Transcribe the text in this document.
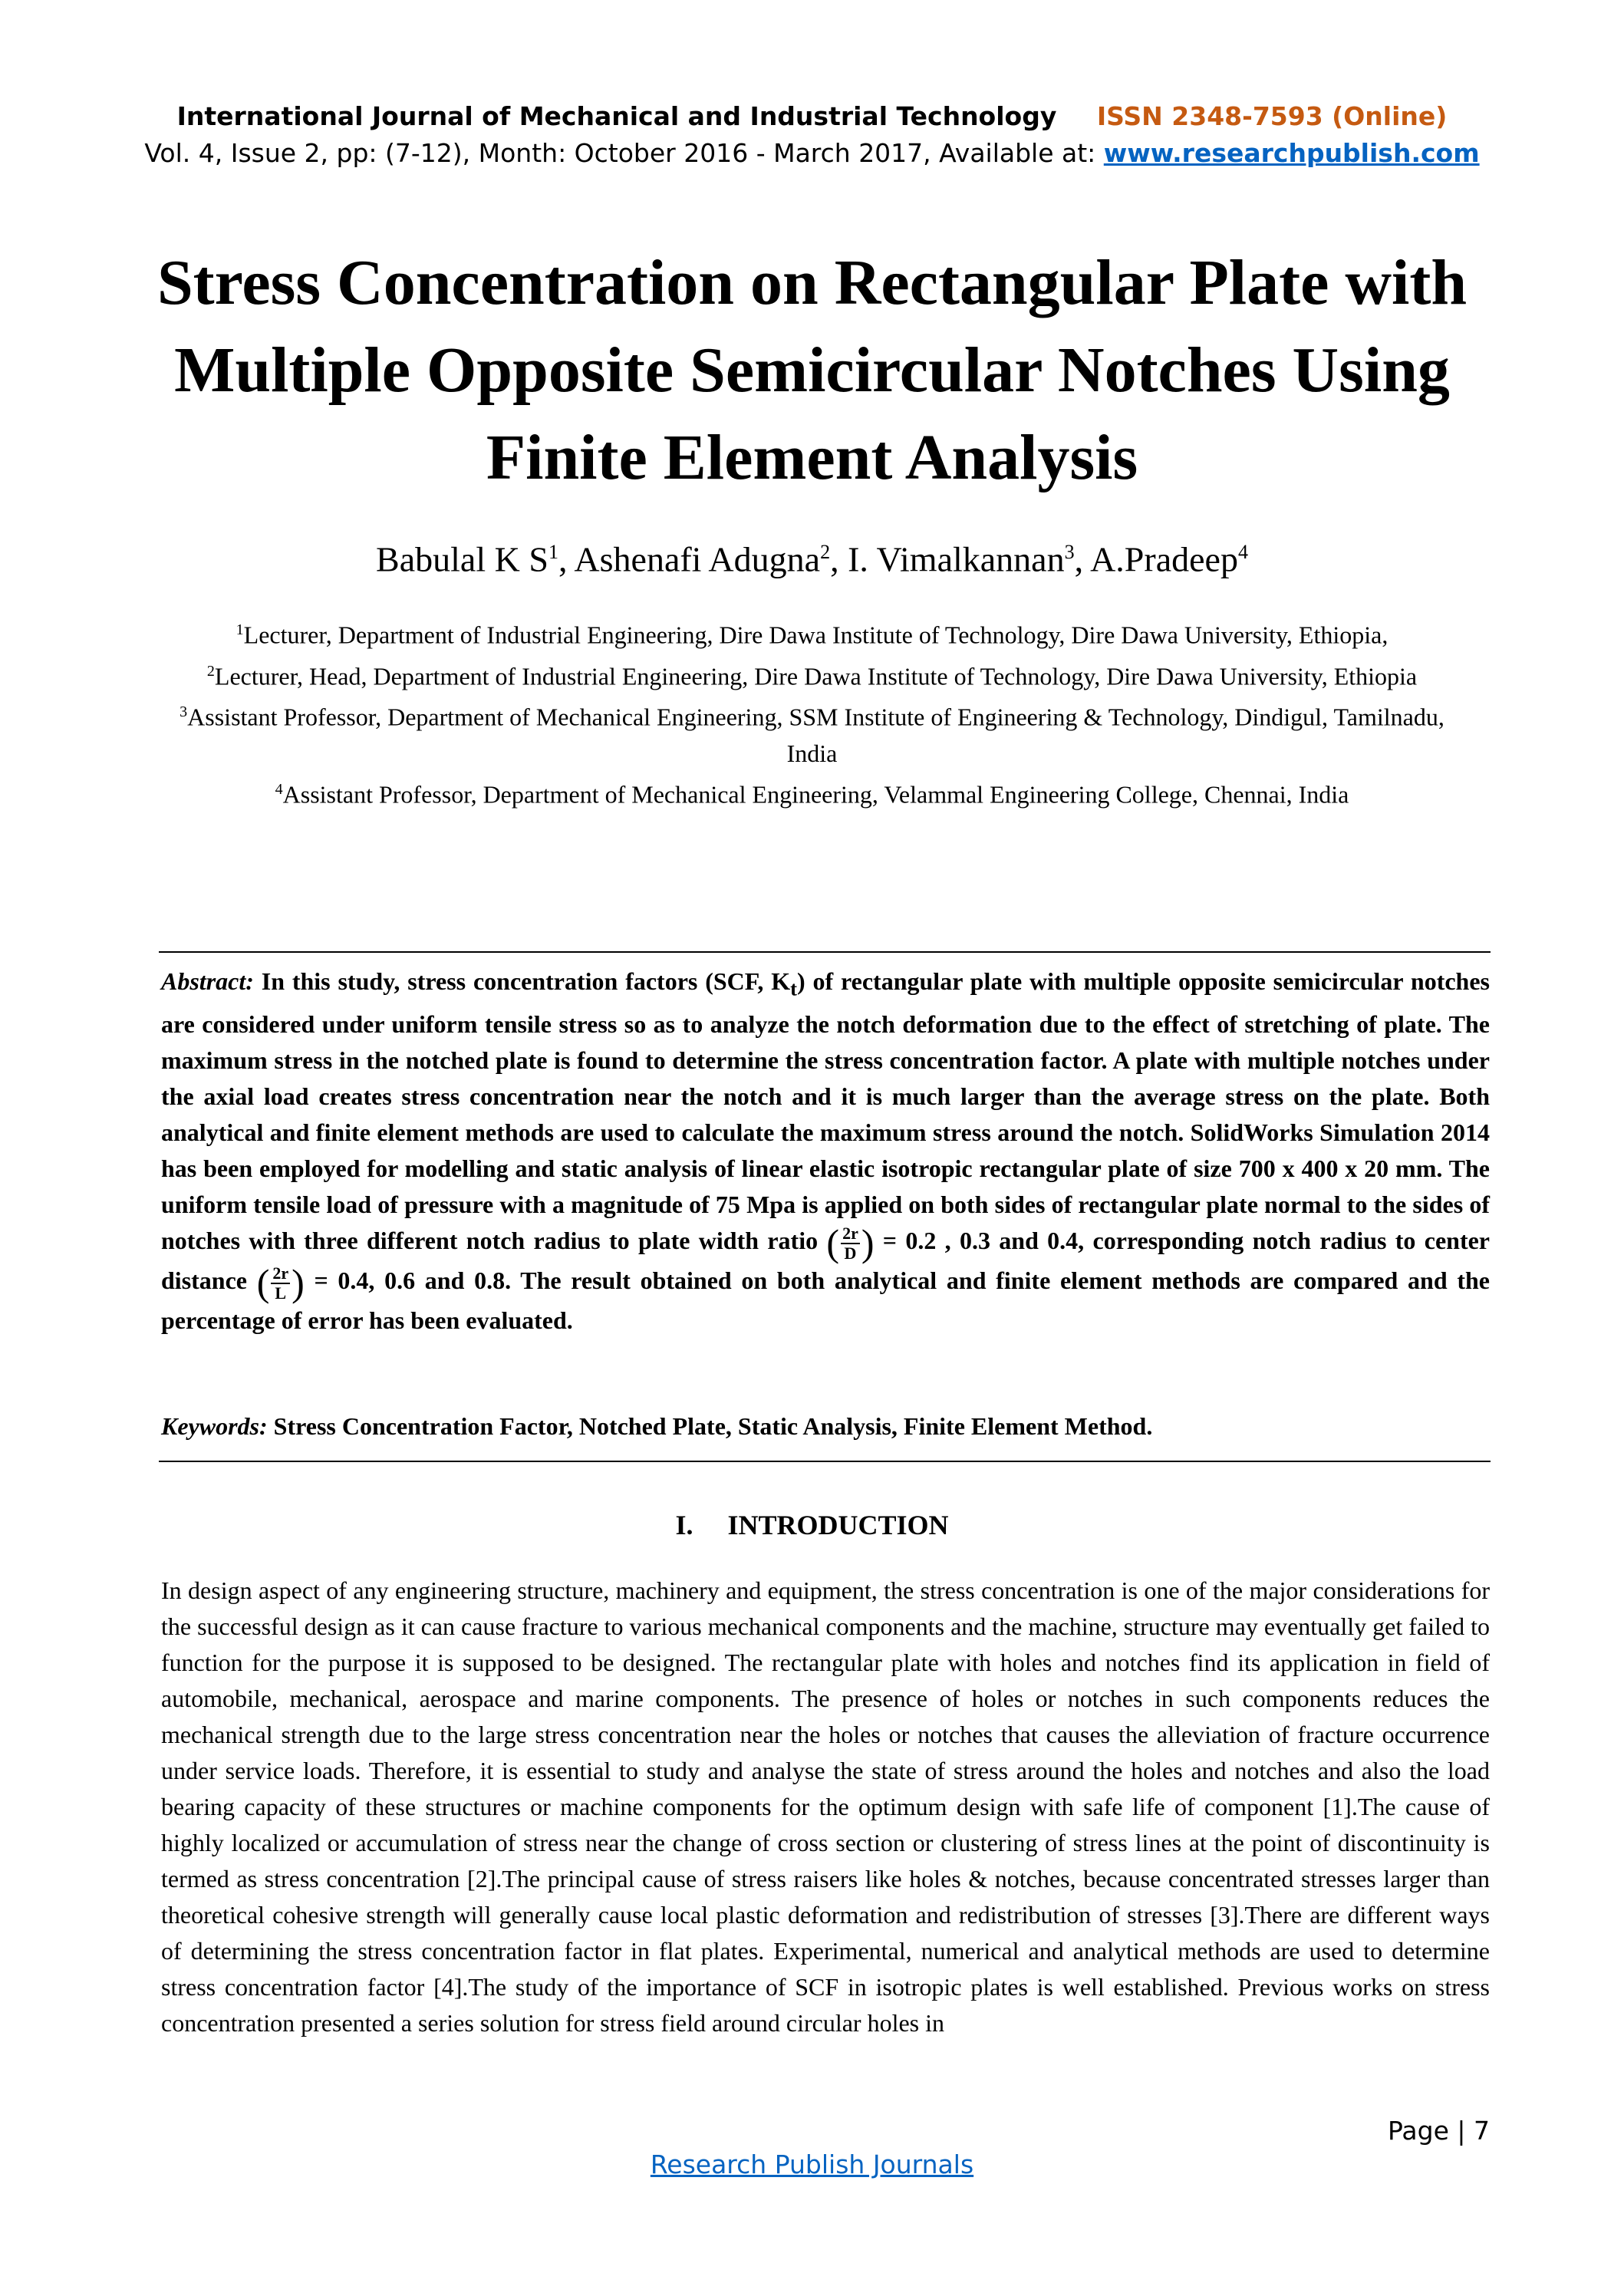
International Journal of Mechanical and Industrial Technology ISSN 2348-7593 (Online)
Vol. 4, Issue 2, pp: (7-12), Month: October 2016 - March 2017, Available at: www.researchpublish.com
Stress Concentration on Rectangular Plate with Multiple Opposite Semicircular Notches Using Finite Element Analysis
Babulal K $S^1$, Ashenafi Adugna$^2$, I. Vimalkannan$^3$, A.Pradeep$^4$
$^1$Lecturer, Department of Industrial Engineering, Dire Dawa Institute of Technology, Dire Dawa University, Ethiopia,
$^2$Lecturer, Head, Department of Industrial Engineering, Dire Dawa Institute of Technology, Dire Dawa University, Ethiopia
$^3$Assistant Professor, Department of Mechanical Engineering, SSM Institute of Engineering & Technology, Dindigul, Tamilnadu, India
$^4$Assistant Professor, Department of Mechanical Engineering, Velammal Engineering College, Chennai, India

Abstract: In this study, stress concentration factors (SCF, $K_t$) of rectangular plate with multiple opposite semicircular notches are considered under uniform tensile stress so as to analyze the notch deformation due to the effect of stretching of plate. The maximum stress in the notched plate is found to determine the stress concentration factor. A plate with multiple notches under the axial load creates stress concentration near the notch and it is much larger than the average stress on the plate. Both analytical and finite element methods are used to calculate the maximum stress around the notch. SolidWorks Simulation 2014 has been employed for modelling and static analysis of linear elastic isotropic rectangular plate of size 700 x 400 x 20 mm. The uniform tensile load of pressure with a magnitude of 75 Mpa is applied on both sides of rectangular plate normal to the sides of notches with three different notch radius to plate width ratio ( $\frac{2r}{D}$ ) = 0.2 , 0.3 and 0.4, corresponding notch radius to center distance ( $\frac{2r}{L}$ ) = 0.4, 0.6 and 0.8. The result obtained on both analytical and finite element methods are compared and the percentage of error has been evaluated.

Keywords: Stress Concentration Factor, Notched Plate, Static Analysis, Finite Element Method.
I.     INTRODUCTION

In design aspect of any engineering structure, machinery and equipment, the stress concentration is one of the major considerations for the successful design as it can cause fracture to various mechanical components and the machine, structure may eventually get failed to function for the purpose it is supposed to be designed. The rectangular plate with holes and notches find its application in field of automobile, mechanical, aerospace and marine components. The presence of holes or notches in such components reduces the mechanical strength due to the large stress concentration near the holes or notches that causes the alleviation of fracture occurrence under service loads. Therefore, it is essential to study and analyse the state of stress around the holes and notches and also the load bearing capacity of these structures or machine components for the optimum design with safe life of component [1].The cause of highly localized or accumulation of stress near the change of cross section or clustering of stress lines at the point of discontinuity is termed as stress concentration [2].The principal cause of stress raisers like holes & notches, because concentrated stresses larger than theoretical cohesive strength will generally cause local plastic deformation and redistribution of stresses [3].There are different ways of determining the stress concentration factor in flat plates. Experimental, numerical and analytical methods are used to determine stress concentration factor [4].The study of the importance of SCF in isotropic plates is well established. Previous works on stress concentration presented a series solution for stress field around circular holes in

Page | 7
Research Publish Journals
